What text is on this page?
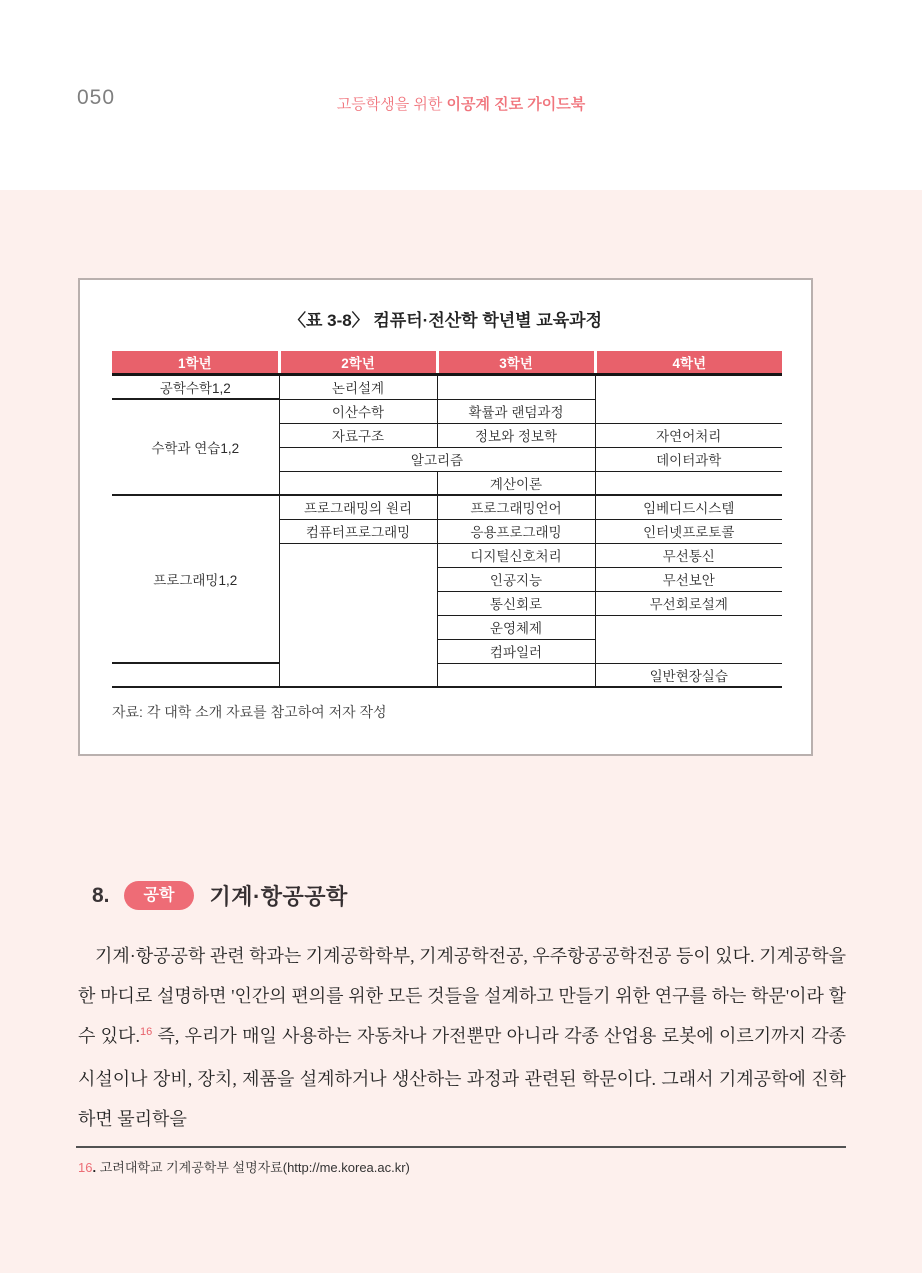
050	고등학생을 위한 이공계 진로 가이드북
〈표 3-8〉 컴퓨터·전산학 학년별 교육과정
1학년	2학년	3학년	4학년
공학수학1,2	논리설계		
수학과 연습1,2	이산수학	확률과 랜덤과정	
	자료구조	정보와 정보학	자연어처리
	알고리즘		데이터과학
		계산이론	
프로그래밍1,2	프로그래밍의 원리	프로그래밍언어	임베디드시스템
	컴퓨터프로그래밍	응용프로그래밍	인터넷프로토콜
		디지털신호처리	무선통신
		인공지능	무선보안
		통신회로	무선회로설계
		운영체제	
		컴파일러	
			일반현장실습
자료: 각 대학 소개 자료를 참고하여 저자 작성
8.	공학	기계·항공공학
기계·항공공학 관련 학과는 기계공학학부, 기계공학전공, 우주항공공학전공 등이 있다. 기계공학을 한 마디로 설명하면 '인간의 편의를 위한 모든 것들을 설계하고 만들기 위한 연구를 하는 학문'이라 할 수 있다.$^{16}$ 즉, 우리가 매일 사용하는 자동차나 가전뿐만 아니라 각종 산업용 로봇에 이르기까지 각종 시설이나 장비, 장치, 제품을 설계하거나 생산하는 과정과 관련된 학문이다. 그래서 기계공학에 진학하면 물리학을
16. 고려대학교 기계공학부 설명자료(http://me.korea.ac.kr)
